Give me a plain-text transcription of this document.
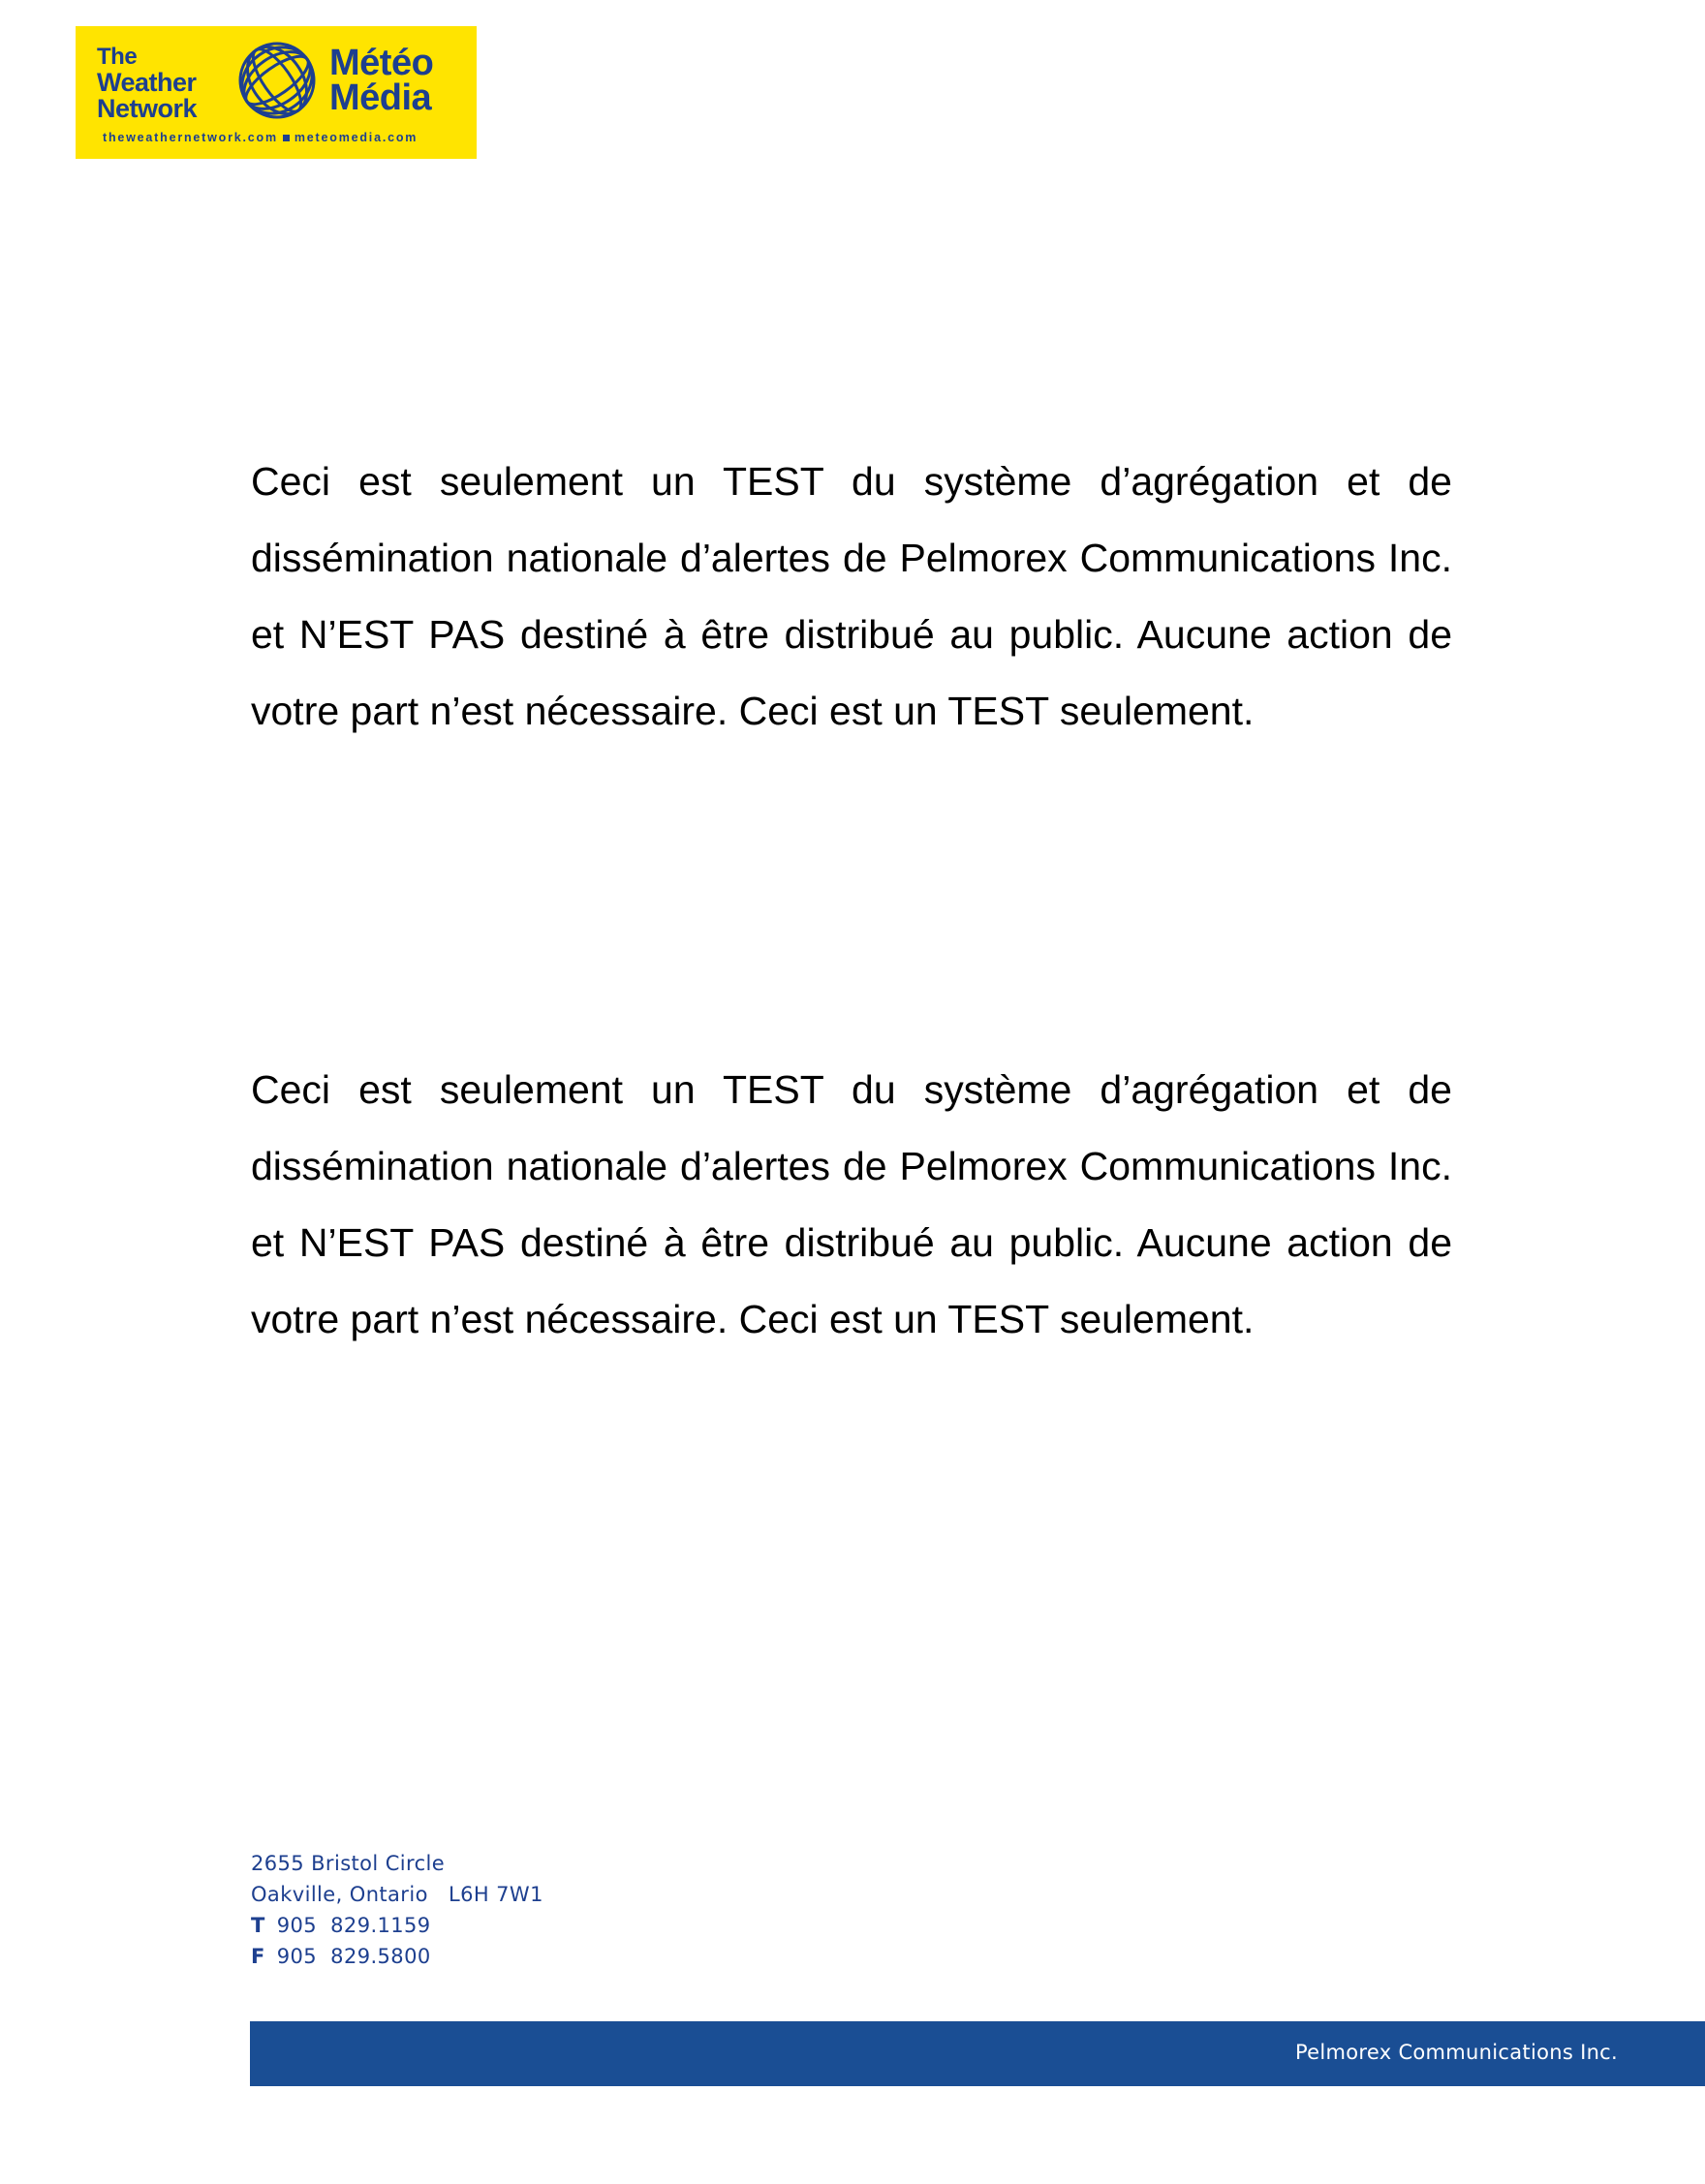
The
Weather
Network
Météo
Média
theweathernetwork.com meteomedia.com

Ceci est seulement un TEST du système d’agrégation et de dissémination nationale d’alertes de Pelmorex Communications Inc. et N’EST PAS destiné à être distribué au public. Aucune action de votre part n’est nécessaire. Ceci est un TEST seulement.

Ceci est seulement un TEST du système d’agrégation et de dissémination nationale d’alertes de Pelmorex Communications Inc. et N’EST PAS destiné à être distribué au public. Aucune action de votre part n’est nécessaire. Ceci est un TEST seulement.

2655 Bristol Circle
Oakville, Ontario   L6H 7W1
T 905  829.1159
F 905  829.5800
Pelmorex Communications Inc.
